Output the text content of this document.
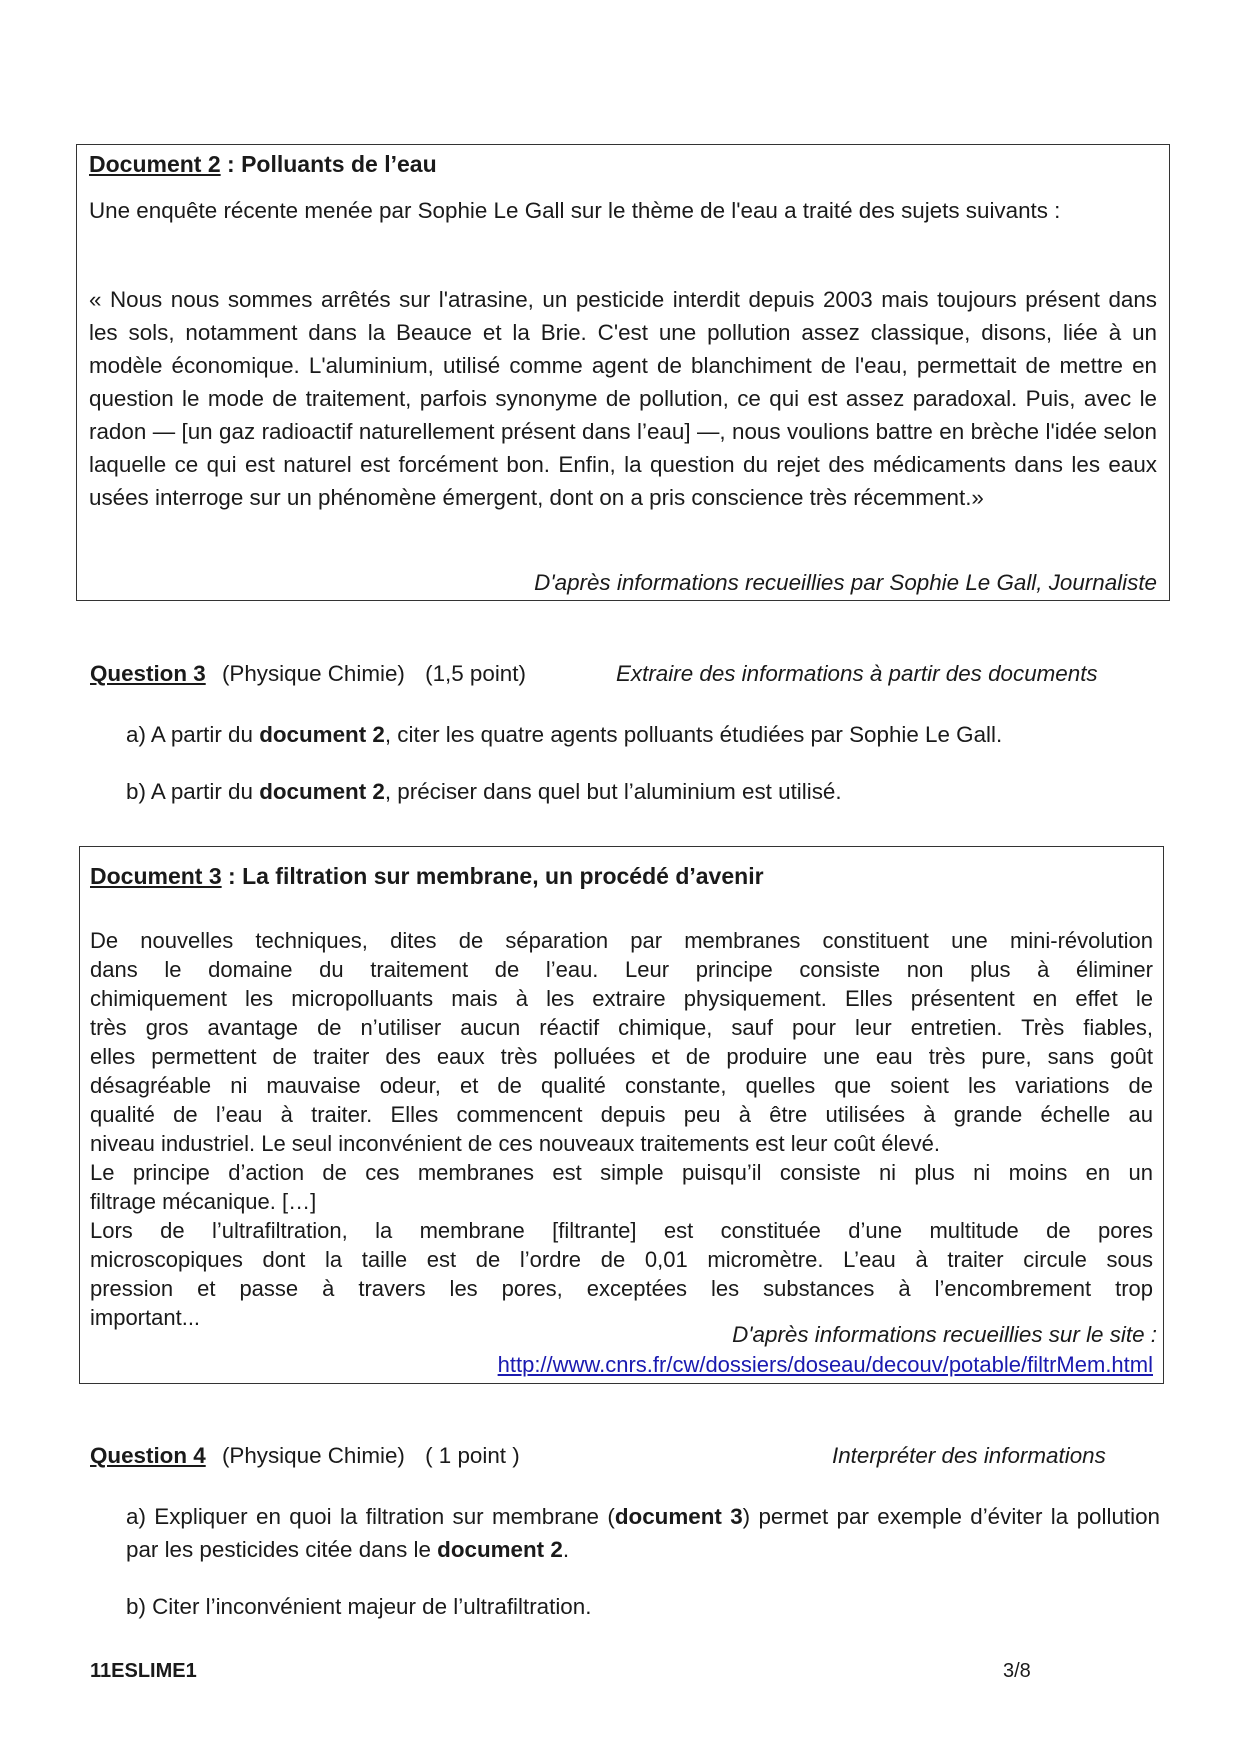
Document 2 : Polluants de l’eau
Une enquête récente menée par Sophie Le Gall sur le thème de l'eau a traité des sujets suivants :
« Nous nous sommes arrêtés sur l'atrasine, un pesticide interdit depuis 2003 mais toujours présent dans les sols, notamment dans la Beauce et la Brie. C'est une pollution assez classique, disons, liée à un modèle économique. L'aluminium, utilisé comme agent de blanchiment de l'eau, permettait de mettre en question le mode de traitement, parfois synonyme de pollution, ce qui est assez paradoxal. Puis, avec le radon — [un gaz radioactif naturellement présent dans l’eau] —, nous voulions battre en brèche l'idée selon laquelle ce qui est naturel est forcément bon. Enfin, la question du rejet des médicaments dans les eaux usées interroge sur un phénomène émergent, dont on a pris conscience très récemment.»
D'après informations recueillies par Sophie Le Gall, Journaliste
Question 3 (Physique Chimie) (1,5 point)	Extraire des informations à partir des documents
a) A partir du document 2, citer les quatre agents polluants étudiées par Sophie Le Gall.
b) A partir du document 2, préciser dans quel but l’aluminium est utilisé.
Document 3 : La filtration sur membrane, un procédé d’avenir
De nouvelles techniques, dites de séparation par membranes constituent une mini-révolution
dans le domaine du traitement de l’eau. Leur principe consiste non plus à éliminer
chimiquement les micropolluants mais à les extraire physiquement. Elles présentent en effet le
très gros avantage de n’utiliser aucun réactif chimique, sauf pour leur entretien. Très fiables,
elles permettent de traiter des eaux très polluées et de produire une eau très pure, sans goût
désagréable ni mauvaise odeur, et de qualité constante, quelles que soient les variations de
qualité de l’eau à traiter. Elles commencent depuis peu à être utilisées à grande échelle au
niveau industriel. Le seul inconvénient de ces nouveaux traitements est leur coût élevé.
Le principe d’action de ces membranes est simple puisqu’il consiste ni plus ni moins en un
filtrage mécanique. […]
Lors de l’ultrafiltration, la membrane [filtrante] est constituée d’une multitude de pores
microscopiques dont la taille est de l’ordre de 0,01 micromètre. L’eau à traiter circule sous
pression et passe à travers les pores, exceptées les substances à l’encombrement trop
important...
D'après informations recueillies sur le site :
http://www.cnrs.fr/cw/dossiers/doseau/decouv/potable/filtrMem.html
Question 4 (Physique Chimie) ( 1 point )	Interpréter des informations
a) Expliquer en quoi la filtration sur membrane (document 3) permet par exemple d’éviter la pollution par les pesticides citée dans le document 2.
b) Citer l’inconvénient majeur de l’ultrafiltration.
11ESLIME1	3/8
